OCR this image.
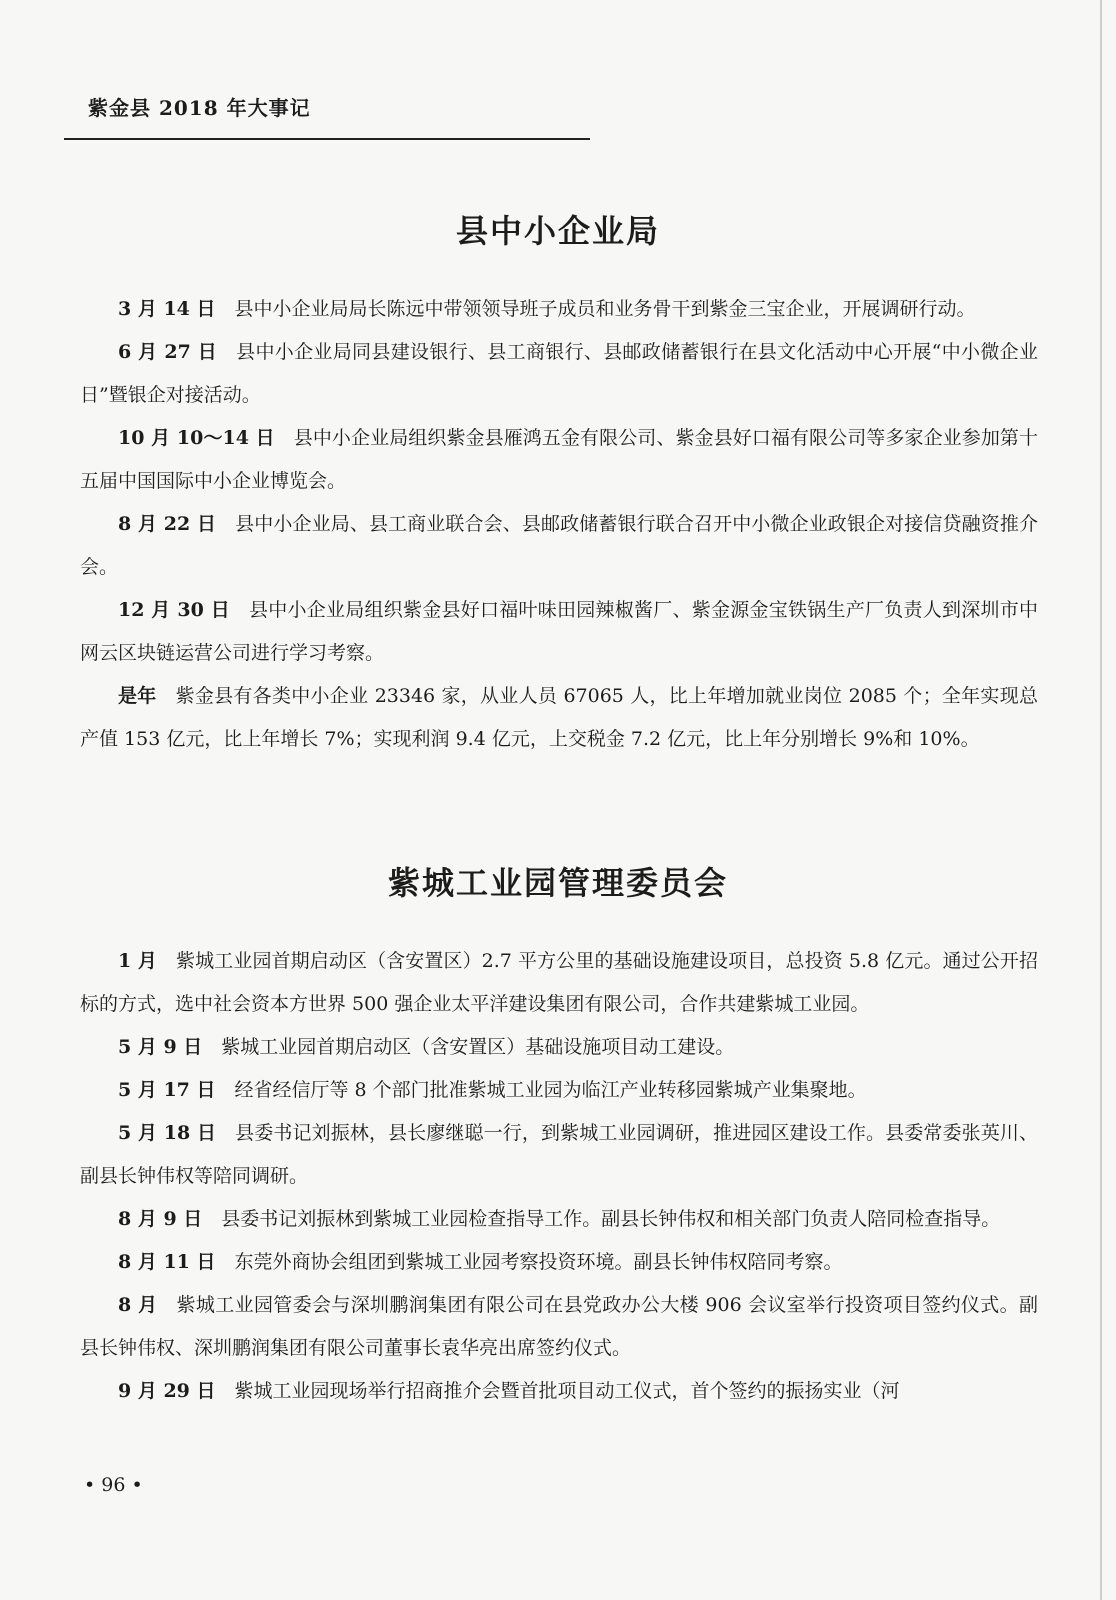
紫金县 2018 年大事记
县中小企业局

3 月 14 日 县中小企业局局长陈远中带领领导班子成员和业务骨干到紫金三宝企业，开展调研行动。

6 月 27 日 县中小企业局同县建设银行、县工商银行、县邮政储蓄银行在县文化活动中心开展“中小微企业日”暨银企对接活动。

10 月 10～14 日 县中小企业局组织紫金县雁鸿五金有限公司、紫金县好口福有限公司等多家企业参加第十五届中国国际中小企业博览会。

8 月 22 日 县中小企业局、县工商业联合会、县邮政储蓄银行联合召开中小微企业政银企对接信贷融资推介会。

12 月 30 日 县中小企业局组织紫金县好口福叶味田园辣椒酱厂、紫金源金宝铁锅生产厂负责人到深圳市中网云区块链运营公司进行学习考察。

是年 紫金县有各类中小企业 23346 家，从业人员 67065 人，比上年增加就业岗位 2085 个；全年实现总产值 153 亿元，比上年增长 7%；实现利润 9.4 亿元，上交税金 7.2 亿元，比上年分别增长 9%和 10%。

紫城工业园管理委员会

1 月 紫城工业园首期启动区（含安置区）2.7 平方公里的基础设施建设项目，总投资 5.8 亿元。通过公开招标的方式，选中社会资本方世界 500 强企业太平洋建设集团有限公司，合作共建紫城工业园。

5 月 9 日 紫城工业园首期启动区（含安置区）基础设施项目动工建设。

5 月 17 日 经省经信厅等 8 个部门批准紫城工业园为临江产业转移园紫城产业集聚地。

5 月 18 日 县委书记刘振林，县长廖继聪一行，到紫城工业园调研，推进园区建设工作。县委常委张英川、副县长钟伟权等陪同调研。

8 月 9 日 县委书记刘振林到紫城工业园检查指导工作。副县长钟伟权和相关部门负责人陪同检查指导。

8 月 11 日 东莞外商协会组团到紫城工业园考察投资环境。副县长钟伟权陪同考察。

8 月 紫城工业园管委会与深圳鹏润集团有限公司在县党政办公大楼 906 会议室举行投资项目签约仪式。副县长钟伟权、深圳鹏润集团有限公司董事长袁华亮出席签约仪式。

9 月 29 日 紫城工业园现场举行招商推介会暨首批项目动工仪式，首个签约的振扬实业（河

• 96 •
